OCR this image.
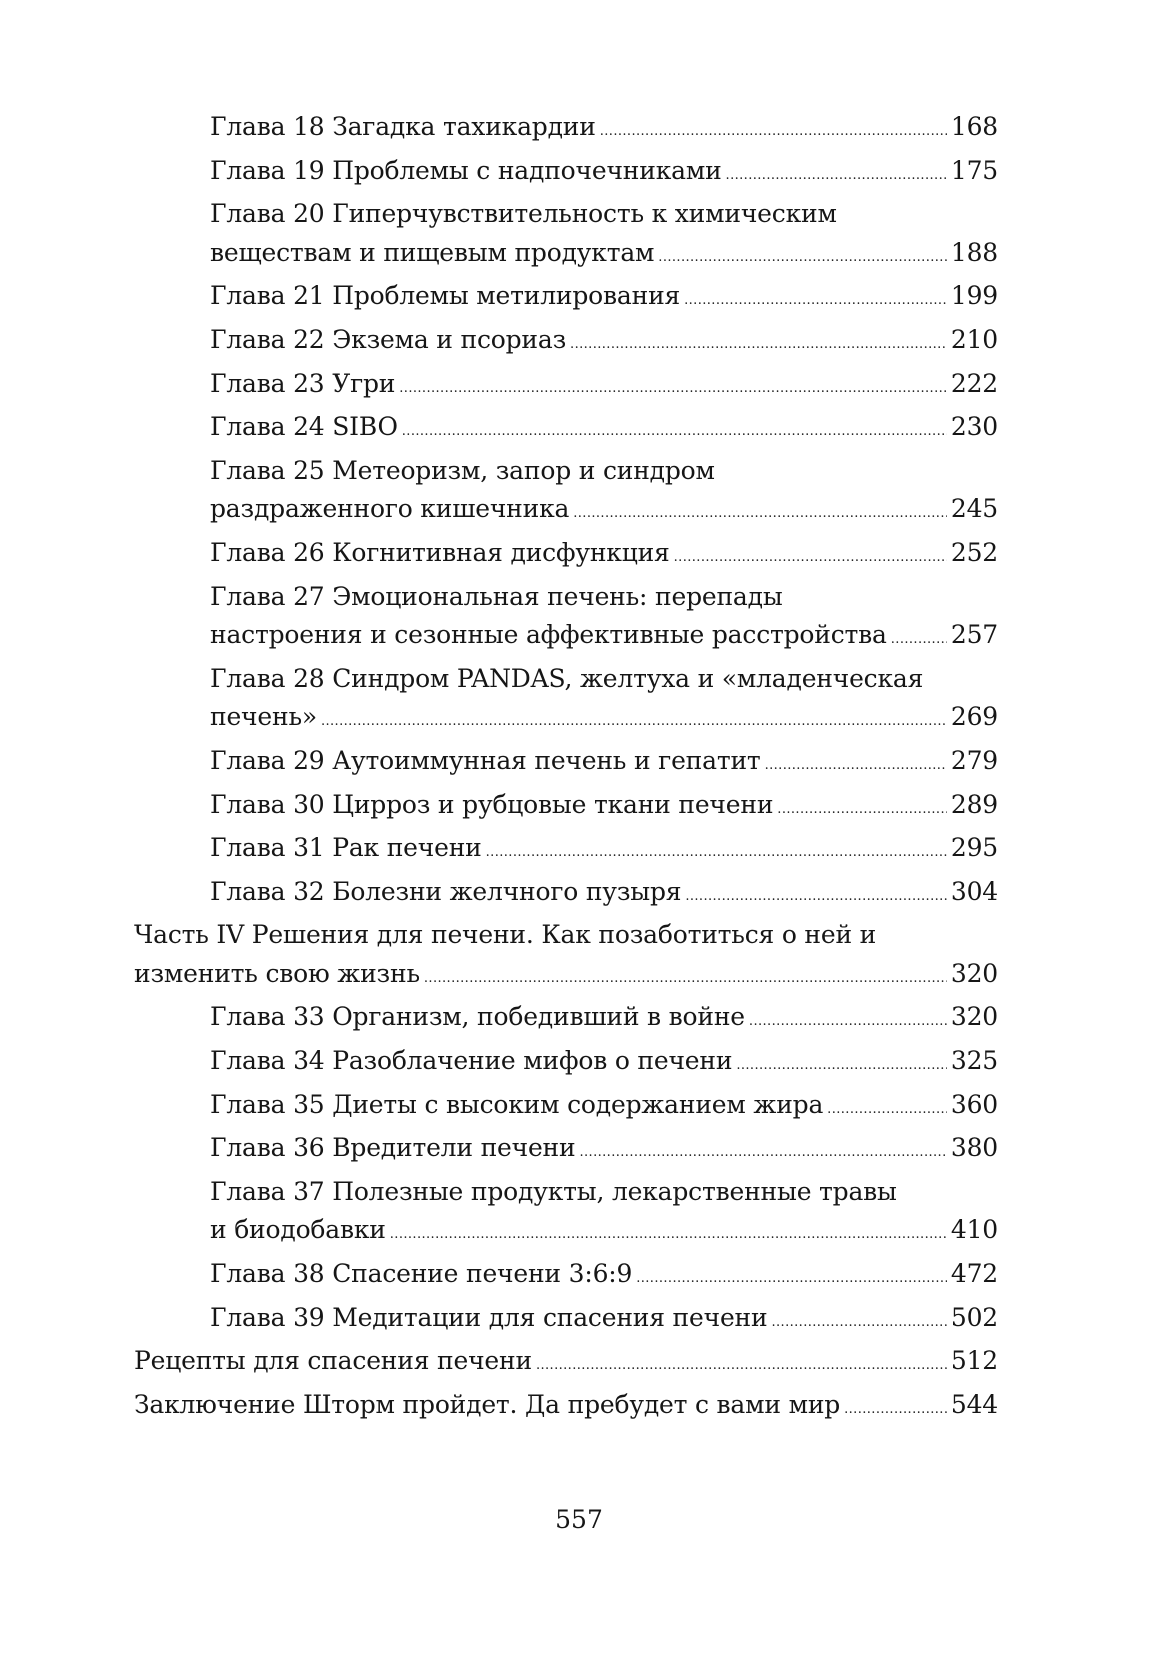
Глава 18 Загадка тахикардии .....	168
Глава 19 Проблемы с надпочечниками .....	175
Глава 20 Гиперчувствительность к химическим
веществам и пищевым продуктам .....	188
Глава 21 Проблемы метилирования .....	199
Глава 22 Экзема и псориаз .....	210
Глава 23 Угри .....	222
Глава 24 SIBO .....	230
Глава 25 Метеоризм, запор и синдром
раздраженного кишечника .....	245
Глава 26 Когнитивная дисфункция .....	252
Глава 27 Эмоциональная печень: перепады
настроения и сезонные аффективные расстройства .....	257
Глава 28 Синдром PANDAS, желтуха и «младенческая
печень» .....	269
Глава 29 Аутоиммунная печень и гепатит .....	279
Глава 30 Цирроз и рубцовые ткани печени .....	289
Глава 31 Рак печени .....	295
Глава 32 Болезни желчного пузыря .....	304
Часть IV Решения для печени. Как позаботиться о ней и
изменить свою жизнь .....	320
Глава 33 Организм, победивший в войне .....	320
Глава 34 Разоблачение мифов о печени .....	325
Глава 35 Диеты с высоким содержанием жира .....	360
Глава 36 Вредители печени .....	380
Глава 37 Полезные продукты, лекарственные травы
и биодобавки .....	410
Глава 38 Спасение печени 3:6:9 .....	472
Глава 39 Медитации для спасения печени .....	502
Рецепты для спасения печени .....	512
Заключение Шторм пройдет. Да пребудет с вами мир .....	544
557
